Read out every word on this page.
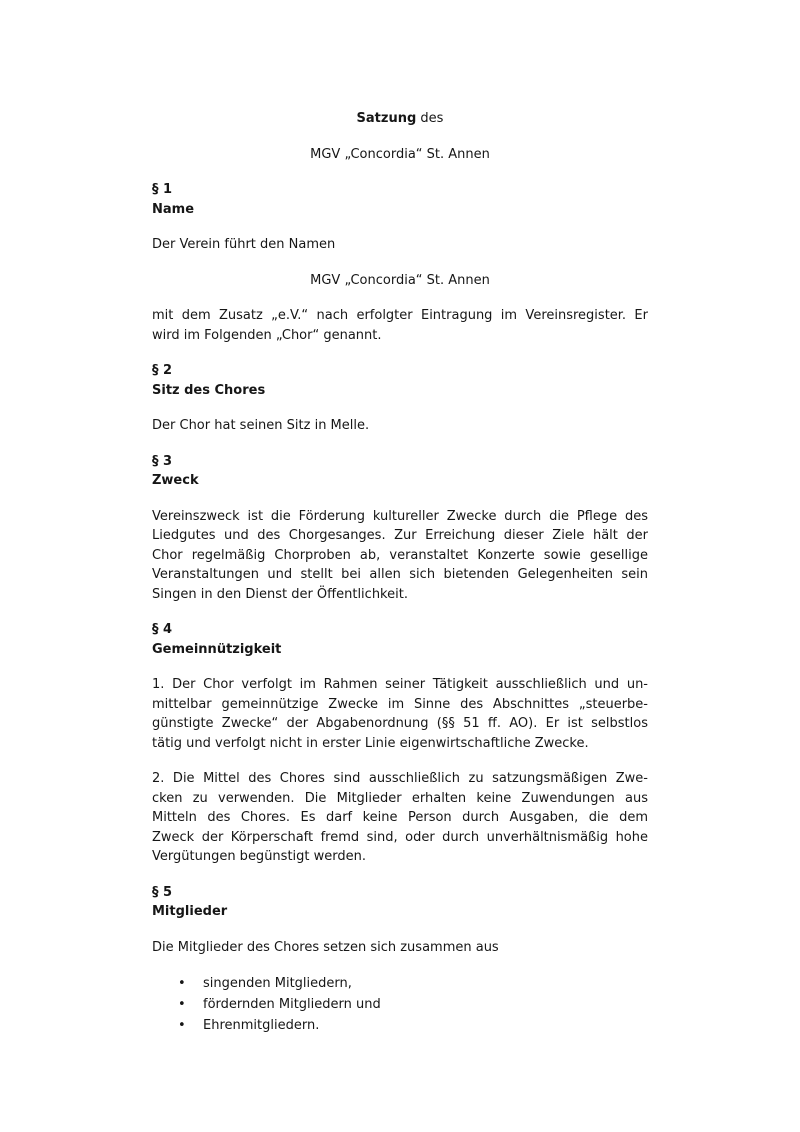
Satzung des
MGV „Concordia“ St. Annen
§ 1
Name
Der Verein führt den Namen
MGV „Concordia“ St. Annen
mit dem Zusatz „e.V.“ nach erfolgter Eintragung im Vereinsregister. Er
wird im Folgenden „Chor“ genannt.
§ 2
Sitz des Chores
Der Chor hat seinen Sitz in Melle.
§ 3
Zweck
Vereinszweck ist die Förderung kultureller Zwecke durch die Pflege des
Liedgutes und des Chorgesanges. Zur Erreichung dieser Ziele hält der
Chor regelmäßig Chorproben ab, veranstaltet Konzerte sowie gesellige
Veranstaltungen und stellt bei allen sich bietenden Gelegenheiten sein
Singen in den Dienst der Öffentlichkeit.
§ 4
Gemeinnützigkeit
1. Der Chor verfolgt im Rahmen seiner Tätigkeit ausschließlich und un-
mittelbar gemeinnützige Zwecke im Sinne des Abschnittes „steuerbe-
günstigte Zwecke“ der Abgabenordnung (§§ 51 ff. AO). Er ist selbstlos
tätig und verfolgt nicht in erster Linie eigenwirtschaftliche Zwecke.
2. Die Mittel des Chores sind ausschließlich zu satzungsmäßigen Zwe-
cken zu verwenden. Die Mitglieder erhalten keine Zuwendungen aus
Mitteln des Chores. Es darf keine Person durch Ausgaben, die dem
Zweck der Körperschaft fremd sind, oder durch unverhältnismäßig hohe
Vergütungen begünstigt werden.
§ 5
Mitglieder
Die Mitglieder des Chores setzen sich zusammen aus
•	singenden Mitgliedern,
•	fördernden Mitgliedern und
•	Ehrenmitgliedern.
